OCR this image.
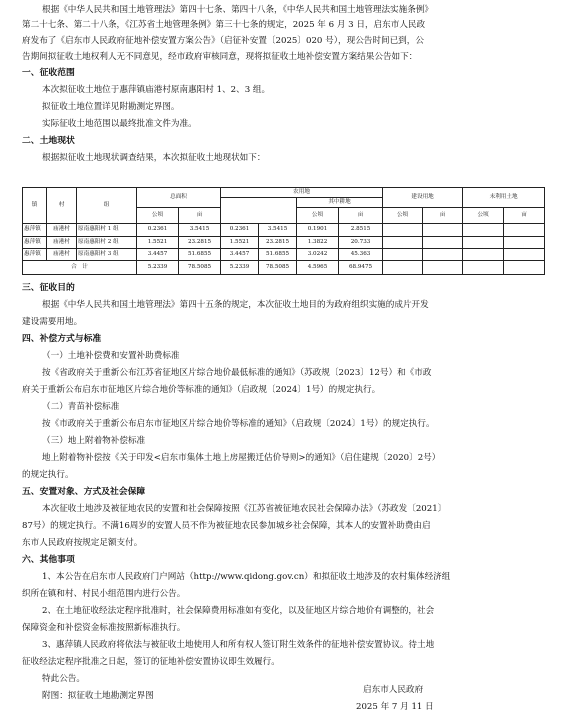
根据《中华人民共和国土地管理法》第四十七条、第四十八条，《中华人民共和国土地管理法实施条例》
第二十七条、第二十八条，《江苏省土地管理条例》第三十七条的规定，2025 年 6 月 3 日，启东市人民政
府发布了《启东市人民政府征地补偿安置方案公告》（启征补安置〔2025〕020 号），现公告时间已到，公
告期间拟征收土地权利人无不同意见，经市政府审核同意，现将拟征收土地补偿安置方案结果公告如下：
一、征收范围
本次拟征收土地位于惠萍镇庙港村原南惠阳村 1、2、3 组。
拟征收土地位置详见附勘测定界图。
实际征收土地范围以最终批准文件为准。
二、土地现状
根据拟征收土地现状调查结果，本次拟征收土地现状如下：
镇	村	组	总面积		农用地				建设用地		未利用土地	
							其中耕地					
			公顷	亩			公顷	亩	公顷	亩	公顷	亩
惠萍镇	庙港村	原南惠阳村 1 组	0.2361	3.5415	0.2361	3.5415	0.1901	2.8515				
惠萍镇	庙港村	原南惠阳村 2 组	1.5521	23.2815	1.5521	23.2815	1.3822	20.733				
惠萍镇	庙港村	原南惠阳村 3 组	3.4457	51.6855	3.4457	51.6855	3.0242	45.363				
合　计			5.2339	78.5085	5.2339	78.5085	4.5965	68.9475				
三、征收目的
根据《中华人民共和国土地管理法》第四十五条的规定，本次征收土地目的为政府组织实施的成片开发
建设需要用地。
四、补偿方式与标准
（一）土地补偿费和安置补助费标准
按《省政府关于重新公布江苏省征地区片综合地价最低标准的通知》（苏政规〔2023〕12号）和《市政
府关于重新公布启东市征地区片综合地价等标准的通知》（启政规〔2024〕1号）的规定执行。
（二）青苗补偿标准
按《市政府关于重新公布启东市征地区片综合地价等标准的通知》（启政规〔2024〕1号）的规定执行。
（三）地上附着物补偿标准
地上附着物补偿按《关于印发<启东市集体土地上房屋搬迁估价导则>的通知》（启住建规〔2020〕2号）
的规定执行。
五、安置对象、方式及社会保障
本次征收土地涉及被征地农民的安置和社会保障按照《江苏省被征地农民社会保障办法》（苏政发〔2021〕
87号）的规定执行。不满16周岁的安置人员不作为被征地农民参加城乡社会保障，其本人的安置补助费由启
东市人民政府按规定足额支付。
六、其他事项
1、本公告在启东市人民政府门户网站（http://www.qidong.gov.cn）和拟征收土地涉及的农村集体经济组
织所在镇和村、村民小组范围内进行公告。
2、在土地征收经法定程序批准时，社会保障费用标准如有变化，以及征地区片综合地价有调整的，社会
保障资金和补偿资金标准按照新标准执行。
3、惠萍镇人民政府将依法与被征收土地使用人和所有权人签订附生效条件的征地补偿安置协议。待土地
征收经法定程序批准之日起，签订的征地补偿安置协议即生效履行。
特此公告。
附图：拟征收土地勘测定界图
启东市人民政府
2025 年 7 月 11 日
